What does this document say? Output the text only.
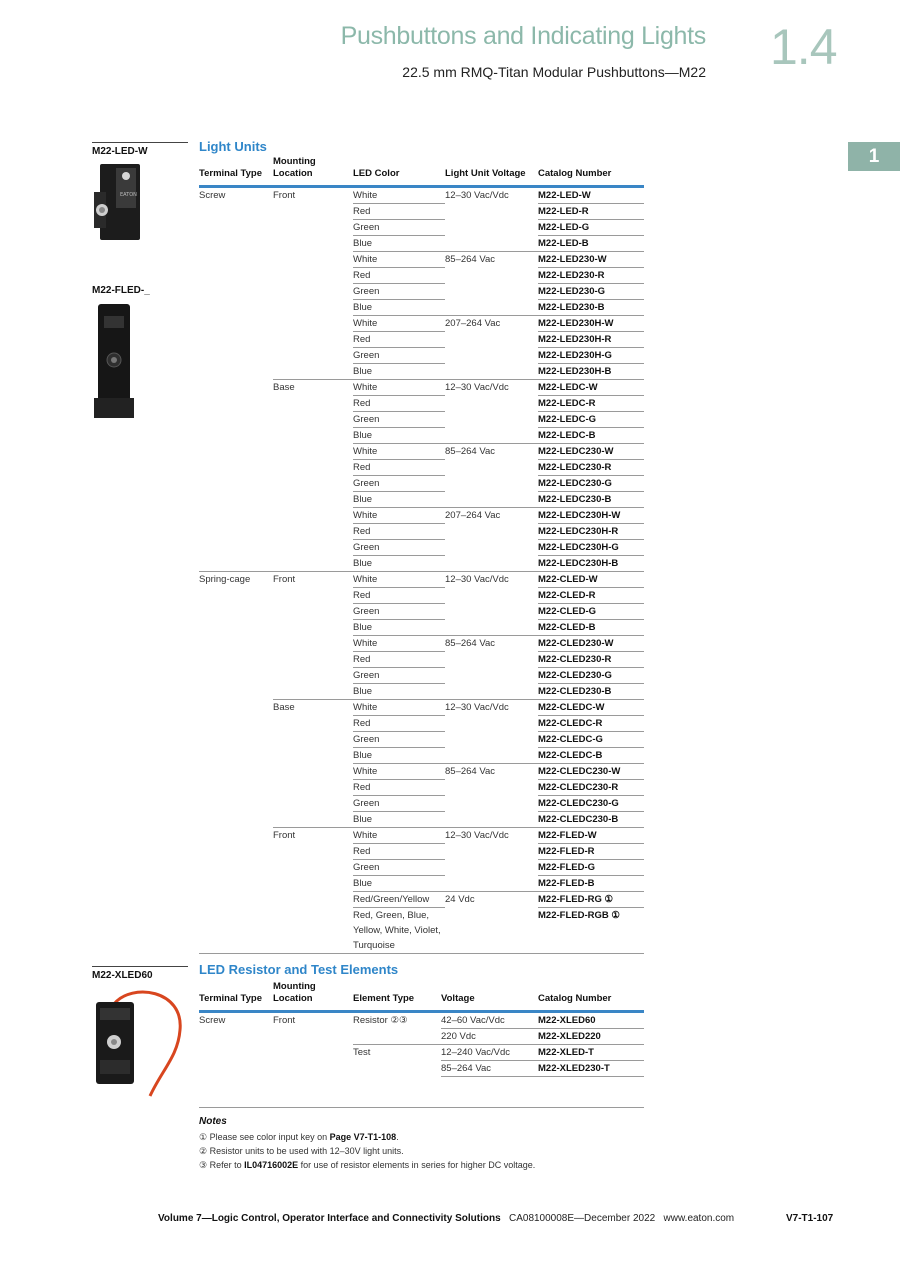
Pushbuttons and Indicating Lights 1.4
22.5 mm RMQ-Titan Modular Pushbuttons—M22
1
M22-LED-W
EATON
M22-FLED-_
M22-XLED60
Light Units
Terminal Type	Mounting Location	LED Color	Light Unit Voltage	Catalog Number
Screw	Front	White	12–30 Vac/Vdc	M22-LED-W
		Red		M22-LED-R
		Green		M22-LED-G
		Blue		M22-LED-B
		White	85–264 Vac	M22-LED230-W
		Red		M22-LED230-R
		Green		M22-LED230-G
		Blue		M22-LED230-B
		White	207–264 Vac	M22-LED230H-W
		Red		M22-LED230H-R
		Green		M22-LED230H-G
		Blue		M22-LED230H-B
	Base	White	12–30 Vac/Vdc	M22-LEDC-W
		Red		M22-LEDC-R
		Green		M22-LEDC-G
		Blue		M22-LEDC-B
		White	85–264 Vac	M22-LEDC230-W
		Red		M22-LEDC230-R
		Green		M22-LEDC230-G
		Blue		M22-LEDC230-B
		White	207–264 Vac	M22-LEDC230H-W
		Red		M22-LEDC230H-R
		Green		M22-LEDC230H-G
		Blue		M22-LEDC230H-B
Spring-cage	Front	White	12–30 Vac/Vdc	M22-CLED-W
		Red		M22-CLED-R
		Green		M22-CLED-G
		Blue		M22-CLED-B
		White	85–264 Vac	M22-CLED230-W
		Red		M22-CLED230-R
		Green		M22-CLED230-G
		Blue		M22-CLED230-B
	Base	White	12–30 Vac/Vdc	M22-CLEDC-W
		Red		M22-CLEDC-R
		Green		M22-CLEDC-G
		Blue		M22-CLEDC-B
		White	85–264 Vac	M22-CLEDC230-W
		Red		M22-CLEDC230-R
		Green		M22-CLEDC230-G
		Blue		M22-CLEDC230-B
	Front	White	12–30 Vac/Vdc	M22-FLED-W
		Red		M22-FLED-R
		Green		M22-FLED-G
		Blue		M22-FLED-B
		Red/Green/Yellow	24 Vdc	M22-FLED-RG ①
		Red, Green, Blue, Yellow, White, Violet, Turquoise		M22-FLED-RGB ①
LED Resistor and Test Elements
Terminal Type	Mounting Location	Element Type	Voltage	Catalog Number
Screw	Front	Resistor ②③	42–60 Vac/Vdc	M22-XLED60
			220 Vdc	M22-XLED220
		Test	12–240 Vac/Vdc	M22-XLED-T
			85–264 Vac	M22-XLED230-T
Notes
① Please see color input key on Page V7-T1-108.
② Resistor units to be used with 12–30V light units.
③ Refer to IL04716002E for use of resistor elements in series for higher DC voltage.
Volume 7—Logic Control, Operator Interface and Connectivity Solutions CA08100008E—December 2022 www.eaton.com	V7-T1-107
